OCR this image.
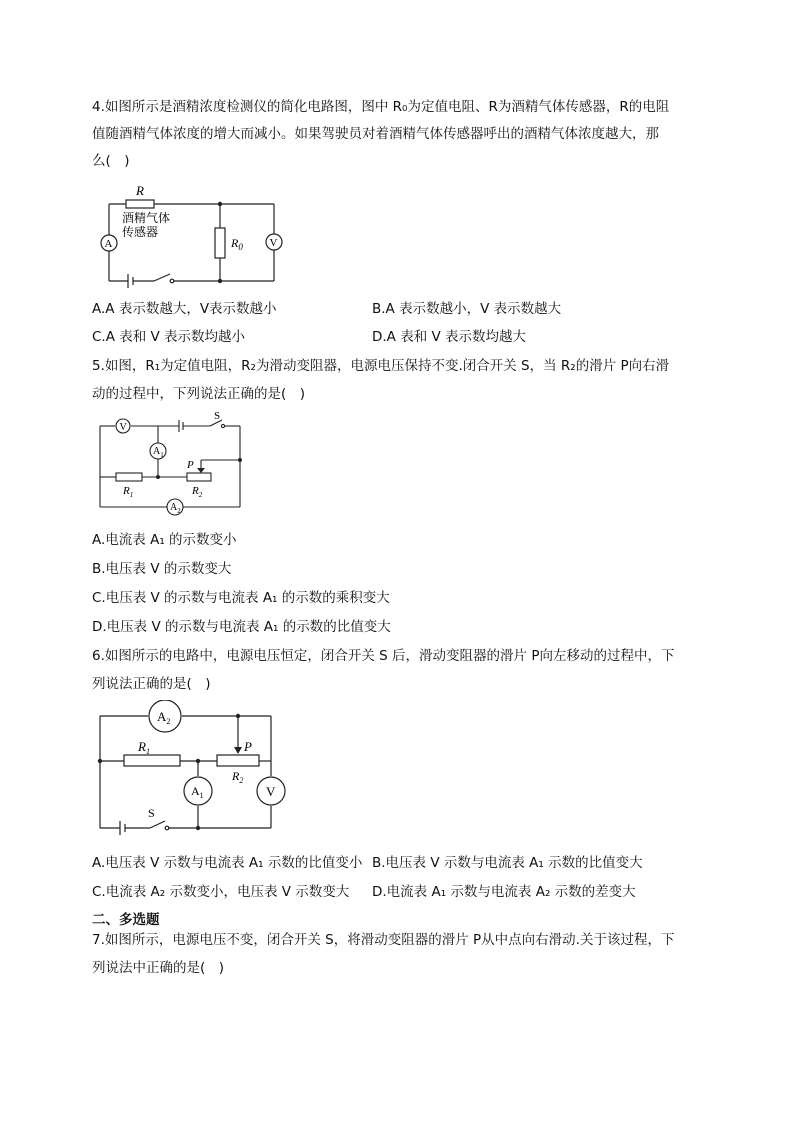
4.如图所示是酒精浓度检测仪的简化电路图，图中 R₀为定值电阻、R为酒精气体传感器，R的电阻
值随酒精气体浓度的增大而减小。如果驾驶员对着酒精气体传感器呼出的酒精气体浓度越大，那
么(　)
R
酒精气体
传感器
A	$R_0$ V
A.A 表示数越大，V表示数越小	B.A 表示数越小，V 表示数越大
C.A 表和 V 表示数均越小	D.A 表和 V 表示数均越大
5.如图，R₁为定值电阻，R₂为滑动变阻器，电源电压保持不变.闭合开关 S，当 R₂的滑片 P向右滑
动的过程中，下列说法正确的是(　)
V
S
$A_1$
P
$R_1$	$R_2$
$A_2$
A.电流表 A₁ 的示数变小
B.电压表 V 的示数变大
C.电压表 V 的示数与电流表 A₁ 的示数的乘积变大
D.电压表 V 的示数与电流表 A₁ 的示数的比值变大
6.如图所示的电路中，电源电压恒定，闭合开关 S 后，滑动变阻器的滑片 P向左移动的过程中，下
列说法正确的是(　)
$A_2$
$R_1$	P
$R_2$
$A_1$	V
S
A.电压表 V 示数与电流表 A₁ 示数的比值变小 B.电压表 V 示数与电流表 A₁ 示数的比值变大
C.电流表 A₂ 示数变小，电压表 V 示数变大 D.电流表 A₁ 示数与电流表 A₂ 示数的差变大
二、多选题
7.如图所示，电源电压不变，闭合开关 S，将滑动变阻器的滑片 P从中点向右滑动.关于该过程，下
列说法中正确的是(　)
